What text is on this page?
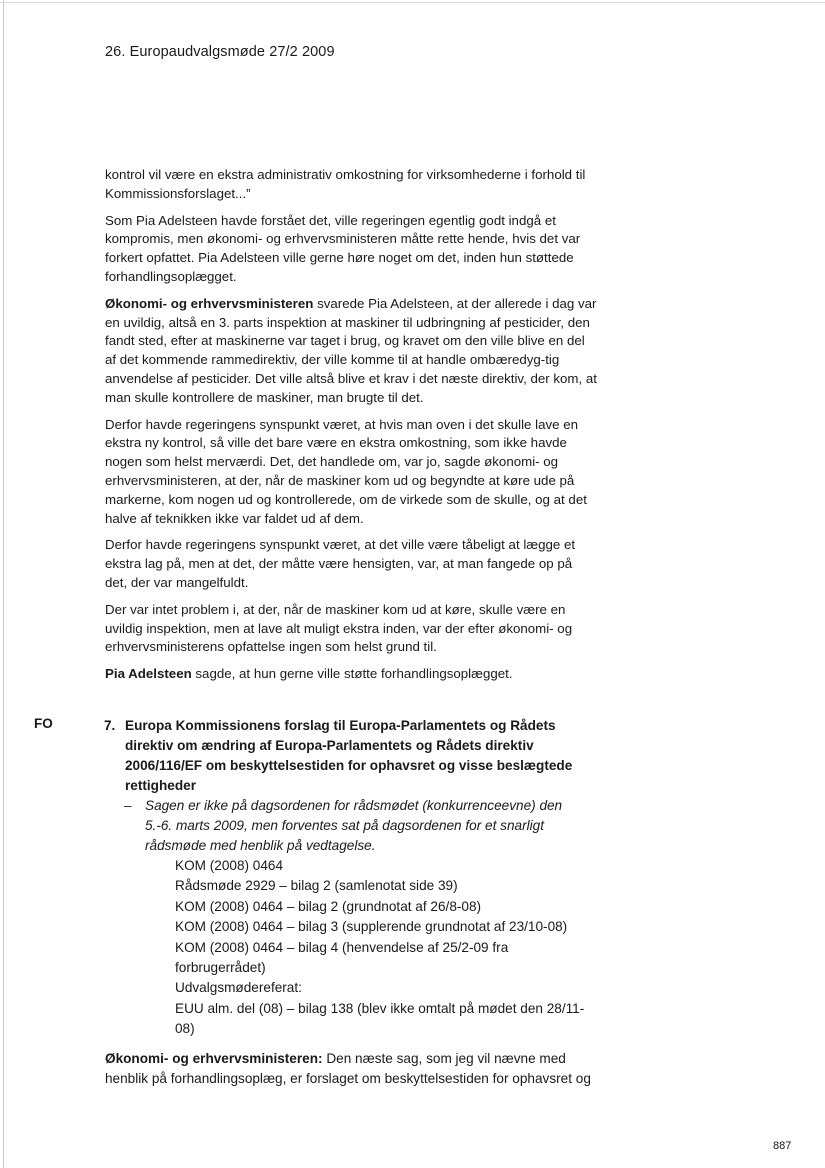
26. Europaudvalgsmøde 27/2 2009

kontrol vil være en ekstra administrativ omkostning for virksomhederne i forhold til Kommissionsforslaget...”

Som Pia Adelsteen havde forstået det, ville regeringen egentlig godt indgå et kompromis, men økonomi- og erhvervsministeren måtte rette hende, hvis det var forkert opfattet. Pia Adelsteen ville gerne høre noget om det, inden hun støttede forhandlingsoplægget.

Økonomi- og erhvervsministeren svarede Pia Adelsteen, at der allerede i dag var en uvildig, altså en 3. parts inspektion at maskiner til udbringning af pesticider, den fandt sted, efter at maskinerne var taget i brug, og kravet om den ville blive en del af det kommende rammedirektiv, der ville komme til at handle ombæredyg-tig anvendelse af pesticider. Det ville altså blive et krav i det næste direktiv, der kom, at man skulle kontrollere de maskiner, man brugte til det.

Derfor havde regeringens synspunkt været, at hvis man oven i det skulle lave en ekstra ny kontrol, så ville det bare være en ekstra omkostning, som ikke havde nogen som helst merværdi. Det, det handlede om, var jo, sagde økonomi- og erhvervsministeren, at der, når de maskiner kom ud og begyndte at køre ude på markerne, kom nogen ud og kontrollerede, om de virkede som de skulle, og at det halve af teknikken ikke var faldet ud af dem.

Derfor havde regeringens synspunkt været, at det ville være tåbeligt at lægge et ekstra lag på, men at det, der måtte være hensigten, var, at man fangede op på det, der var mangelfuldt.

Der var intet problem i, at der, når de maskiner kom ud at køre, skulle være en uvildig inspektion, men at lave alt muligt ekstra inden, var der efter økonomi- og erhvervsministerens opfattelse ingen som helst grund til.

Pia Adelsteen sagde, at hun gerne ville støtte forhandlingsoplægget.

FO	7. Europa Kommissionens forslag til Europa-Parlamentets og Rådets direktiv om ændring af Europa-Parlamentets og Rådets direktiv 2006/116/EF om beskyttelsestiden for ophavsret og visse beslægtede rettigheder
– Sagen er ikke på dagsordenen for rådsmødet (konkurrenceevne) den 5.-6. marts 2009, men forventes sat på dagsordenen for et snarligt rådsmøde med henblik på vedtagelse.
KOM (2008) 0464
Rådsmøde 2929 – bilag 2 (samlenotat side 39)
KOM (2008) 0464 – bilag 2 (grundnotat af 26/8-08)
KOM (2008) 0464 – bilag 3 (supplerende grundnotat af 23/10-08)
KOM (2008) 0464 – bilag 4 (henvendelse af 25/2-09 fra forbrugerrådet)
Udvalgsmødereferat:
EUU alm. del (08) – bilag 138 (blev ikke omtalt på mødet den 28/11-08)
Økonomi- og erhvervsministeren: Den næste sag, som jeg vil nævne med henblik på forhandlingsoplæg, er forslaget om beskyttelsestiden for ophavsret og
887
